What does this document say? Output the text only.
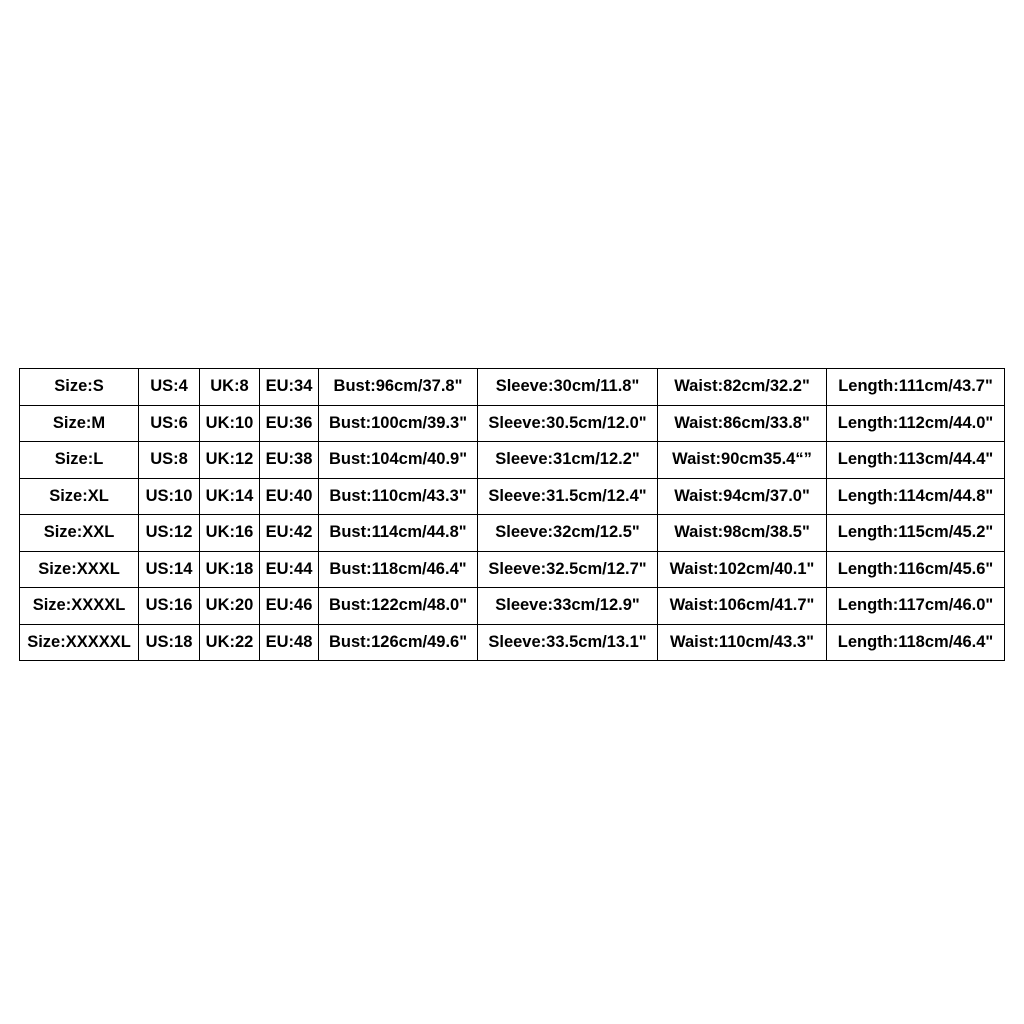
Size:S	US:4	UK:8	EU:34	Bust:96cm/37.8"	Sleeve:30cm/11.8"	Waist:82cm/32.2"	Length:111cm/43.7"
Size:M	US:6	UK:10	EU:36	Bust:100cm/39.3"	Sleeve:30.5cm/12.0"	Waist:86cm/33.8"	Length:112cm/44.0"
Size:L	US:8	UK:12	EU:38	Bust:104cm/40.9"	Sleeve:31cm/12.2"	Waist:90cm35.4“”	Length:113cm/44.4"
Size:XL	US:10	UK:14	EU:40	Bust:110cm/43.3"	Sleeve:31.5cm/12.4"	Waist:94cm/37.0"	Length:114cm/44.8"
Size:XXL	US:12	UK:16	EU:42	Bust:114cm/44.8"	Sleeve:32cm/12.5"	Waist:98cm/38.5"	Length:115cm/45.2"
Size:XXXL	US:14	UK:18	EU:44	Bust:118cm/46.4"	Sleeve:32.5cm/12.7"	Waist:102cm/40.1"	Length:116cm/45.6"
Size:XXXXL	US:16	UK:20	EU:46	Bust:122cm/48.0"	Sleeve:33cm/12.9"	Waist:106cm/41.7"	Length:117cm/46.0"
Size:XXXXXL	US:18	UK:22	EU:48	Bust:126cm/49.6"	Sleeve:33.5cm/13.1"	Waist:110cm/43.3"	Length:118cm/46.4"
